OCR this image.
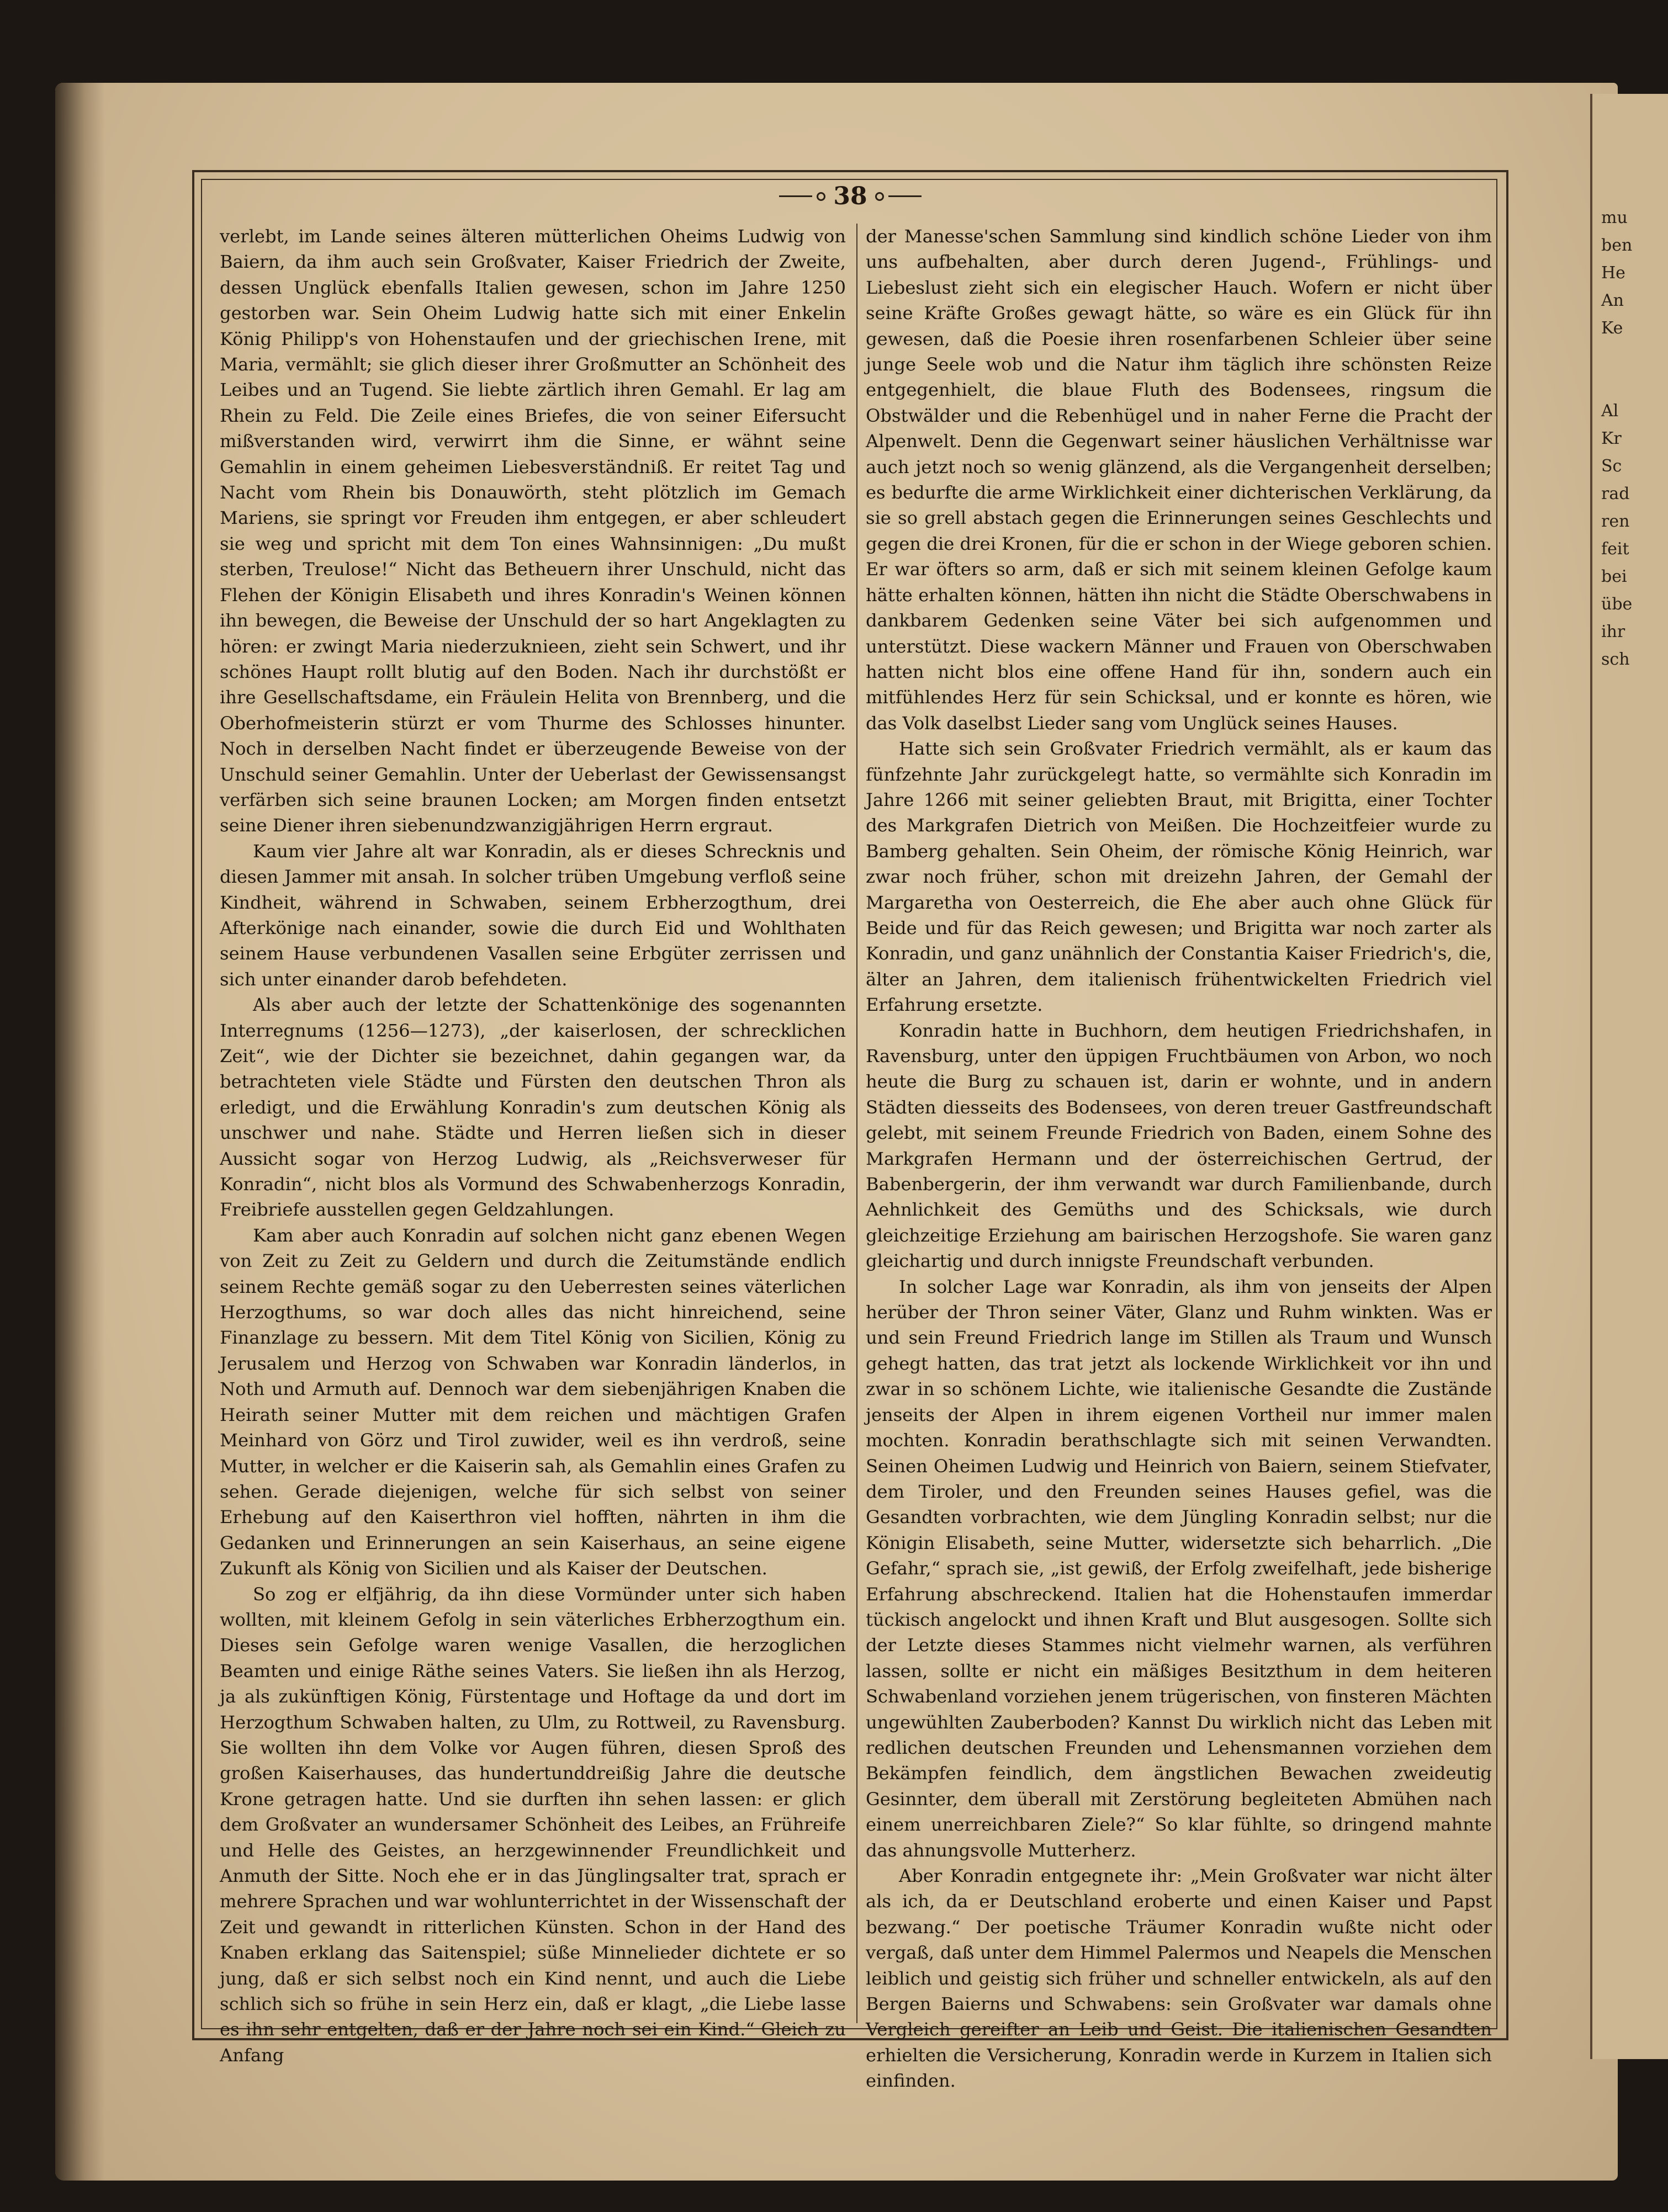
mu
ben
He
An
Ke
Al
Kr
Sc
rad
ren
feit
bei
übe
ihr
sch
38

verlebt, im Lande seines älteren mütterlichen Oheims Ludwig von Baiern, da ihm auch sein Großvater, Kaiser Friedrich der Zweite, dessen Unglück ebenfalls Italien gewesen, schon im Jahre 1250 gestorben war. Sein Oheim Ludwig hatte sich mit einer Enkelin König Philipp's von Hohenstaufen und der griechischen Irene, mit Maria, vermählt; sie glich dieser ihrer Großmutter an Schönheit des Leibes und an Tugend. Sie liebte zärtlich ihren Gemahl. Er lag am Rhein zu Feld. Die Zeile eines Briefes, die von seiner Eifersucht mißverstanden wird, verwirrt ihm die Sinne, er wähnt seine Gemahlin in einem geheimen Liebesverständniß. Er reitet Tag und Nacht vom Rhein bis Donauwörth, steht plötzlich im Gemach Mariens, sie springt vor Freuden ihm entgegen, er aber schleudert sie weg und spricht mit dem Ton eines Wahnsinnigen: „Du mußt sterben, Treulose!“ Nicht das Betheuern ihrer Unschuld, nicht das Flehen der Königin Elisabeth und ihres Konradin's Weinen können ihn bewegen, die Beweise der Unschuld der so hart Angeklagten zu hören: er zwingt Maria niederzuknieen, zieht sein Schwert, und ihr schönes Haupt rollt blutig auf den Boden. Nach ihr durchstößt er ihre Gesellschaftsdame, ein Fräulein Helita von Brennberg, und die Oberhofmeisterin stürzt er vom Thurme des Schlosses hinunter. Noch in derselben Nacht findet er überzeugende Beweise von der Unschuld seiner Gemahlin. Unter der Ueberlast der Gewissensangst verfärben sich seine braunen Locken; am Morgen finden entsetzt seine Diener ihren siebenundzwanzigjährigen Herrn ergraut.

Kaum vier Jahre alt war Konradin, als er dieses Schrecknis und diesen Jammer mit ansah. In solcher trüben Umgebung verfloß seine Kindheit, während in Schwaben, seinem Erbherzogthum, drei Afterkönige nach einander, sowie die durch Eid und Wohlthaten seinem Hause verbundenen Vasallen seine Erbgüter zerrissen und sich unter einander darob befehdeten.

Als aber auch der letzte der Schattenkönige des sogenannten Interregnums (1256—1273), „der kaiserlosen, der schrecklichen Zeit“, wie der Dichter sie bezeichnet, dahin gegangen war, da betrachteten viele Städte und Fürsten den deutschen Thron als erledigt, und die Erwählung Konradin's zum deutschen König als unschwer und nahe. Städte und Herren ließen sich in dieser Aussicht sogar von Herzog Ludwig, als „Reichsverweser für Konradin“, nicht blos als Vormund des Schwabenherzogs Konradin, Freibriefe ausstellen gegen Geldzahlungen.

Kam aber auch Konradin auf solchen nicht ganz ebenen Wegen von Zeit zu Zeit zu Geldern und durch die Zeitumstände endlich seinem Rechte gemäß sogar zu den Ueberresten seines väterlichen Herzogthums, so war doch alles das nicht hinreichend, seine Finanzlage zu bessern. Mit dem Titel König von Sicilien, König zu Jerusalem und Herzog von Schwaben war Konradin länderlos, in Noth und Armuth auf. Dennoch war dem siebenjährigen Knaben die Heirath seiner Mutter mit dem reichen und mächtigen Grafen Meinhard von Görz und Tirol zuwider, weil es ihn verdroß, seine Mutter, in welcher er die Kaiserin sah, als Gemahlin eines Grafen zu sehen. Gerade diejenigen, welche für sich selbst von seiner Erhebung auf den Kaiserthron viel hofften, nährten in ihm die Gedanken und Erinnerungen an sein Kaiserhaus, an seine eigene Zukunft als König von Sicilien und als Kaiser der Deutschen.

So zog er elfjährig, da ihn diese Vormünder unter sich haben wollten, mit kleinem Gefolg in sein väterliches Erbherzogthum ein. Dieses sein Gefolge waren wenige Vasallen, die herzoglichen Beamten und einige Räthe seines Vaters. Sie ließen ihn als Herzog, ja als zukünftigen König, Fürstentage und Hoftage da und dort im Herzogthum Schwaben halten, zu Ulm, zu Rottweil, zu Ravensburg. Sie wollten ihn dem Volke vor Augen führen, diesen Sproß des großen Kaiserhauses, das hundertunddreißig Jahre die deutsche Krone getragen hatte. Und sie durften ihn sehen lassen: er glich dem Großvater an wundersamer Schönheit des Leibes, an Frühreife und Helle des Geistes, an herzgewinnender Freundlichkeit und Anmuth der Sitte. Noch ehe er in das Jünglingsalter trat, sprach er mehrere Sprachen und war wohlunterrichtet in der Wissenschaft der Zeit und gewandt in ritterlichen Künsten. Schon in der Hand des Knaben erklang das Saitenspiel; süße Minnelieder dichtete er so jung, daß er sich selbst noch ein Kind nennt, und auch die Liebe schlich sich so frühe in sein Herz ein, daß er klagt, „die Liebe lasse es ihn sehr entgelten, daß er der Jahre noch sei ein Kind.“ Gleich zu Anfang

der Manesse'schen Sammlung sind kindlich schöne Lieder von ihm uns aufbehalten, aber durch deren Jugend-, Frühlings- und Liebeslust zieht sich ein elegischer Hauch. Wofern er nicht über seine Kräfte Großes gewagt hätte, so wäre es ein Glück für ihn gewesen, daß die Poesie ihren rosenfarbenen Schleier über seine junge Seele wob und die Natur ihm täglich ihre schönsten Reize entgegenhielt, die blaue Fluth des Bodensees, ringsum die Obstwälder und die Rebenhügel und in naher Ferne die Pracht der Alpenwelt. Denn die Gegenwart seiner häuslichen Verhältnisse war auch jetzt noch so wenig glänzend, als die Vergangenheit derselben; es bedurfte die arme Wirklichkeit einer dichterischen Verklärung, da sie so grell abstach gegen die Erinnerungen seines Geschlechts und gegen die drei Kronen, für die er schon in der Wiege geboren schien. Er war öfters so arm, daß er sich mit seinem kleinen Gefolge kaum hätte erhalten können, hätten ihn nicht die Städte Oberschwabens in dankbarem Gedenken seine Väter bei sich aufgenommen und unterstützt. Diese wackern Männer und Frauen von Oberschwaben hatten nicht blos eine offene Hand für ihn, sondern auch ein mitfühlendes Herz für sein Schicksal, und er konnte es hören, wie das Volk daselbst Lieder sang vom Unglück seines Hauses.

Hatte sich sein Großvater Friedrich vermählt, als er kaum das fünfzehnte Jahr zurückgelegt hatte, so vermählte sich Konradin im Jahre 1266 mit seiner geliebten Braut, mit Brigitta, einer Tochter des Markgrafen Dietrich von Meißen. Die Hochzeitfeier wurde zu Bamberg gehalten. Sein Oheim, der römische König Heinrich, war zwar noch früher, schon mit dreizehn Jahren, der Gemahl der Margaretha von Oesterreich, die Ehe aber auch ohne Glück für Beide und für das Reich gewesen; und Brigitta war noch zarter als Konradin, und ganz unähnlich der Constantia Kaiser Friedrich's, die, älter an Jahren, dem italienisch frühentwickelten Friedrich viel Erfahrung ersetzte.

Konradin hatte in Buchhorn, dem heutigen Friedrichshafen, in Ravensburg, unter den üppigen Fruchtbäumen von Arbon, wo noch heute die Burg zu schauen ist, darin er wohnte, und in andern Städten diesseits des Bodensees, von deren treuer Gastfreundschaft gelebt, mit seinem Freunde Friedrich von Baden, einem Sohne des Markgrafen Hermann und der österreichischen Gertrud, der Babenbergerin, der ihm verwandt war durch Familienbande, durch Aehnlichkeit des Gemüths und des Schicksals, wie durch gleichzeitige Erziehung am bairischen Herzogshofe. Sie waren ganz gleichartig und durch innigste Freundschaft verbunden.

In solcher Lage war Konradin, als ihm von jenseits der Alpen herüber der Thron seiner Väter, Glanz und Ruhm winkten. Was er und sein Freund Friedrich lange im Stillen als Traum und Wunsch gehegt hatten, das trat jetzt als lockende Wirklichkeit vor ihn und zwar in so schönem Lichte, wie italienische Gesandte die Zustände jenseits der Alpen in ihrem eigenen Vortheil nur immer malen mochten. Konradin berathschlagte sich mit seinen Verwandten. Seinen Oheimen Ludwig und Heinrich von Baiern, seinem Stiefvater, dem Tiroler, und den Freunden seines Hauses gefiel, was die Gesandten vorbrachten, wie dem Jüngling Konradin selbst; nur die Königin Elisabeth, seine Mutter, widersetzte sich beharrlich. „Die Gefahr,“ sprach sie, „ist gewiß, der Erfolg zweifelhaft, jede bisherige Erfahrung abschreckend. Italien hat die Hohenstaufen immerdar tückisch angelockt und ihnen Kraft und Blut ausgesogen. Sollte sich der Letzte dieses Stammes nicht vielmehr warnen, als verführen lassen, sollte er nicht ein mäßiges Besitzthum in dem heiteren Schwabenland vorziehen jenem trügerischen, von finsteren Mächten ungewühlten Zauberboden? Kannst Du wirklich nicht das Leben mit redlichen deutschen Freunden und Lehensmannen vorziehen dem Bekämpfen feindlich, dem ängstlichen Bewachen zweideutig Gesinnter, dem überall mit Zerstörung begleiteten Abmühen nach einem unerreichbaren Ziele?“ So klar fühlte, so dringend mahnte das ahnungsvolle Mutterherz.

Aber Konradin entgegnete ihr: „Mein Großvater war nicht älter als ich, da er Deutschland eroberte und einen Kaiser und Papst bezwang.“ Der poetische Träumer Konradin wußte nicht oder vergaß, daß unter dem Himmel Palermos und Neapels die Menschen leiblich und geistig sich früher und schneller entwickeln, als auf den Bergen Baierns und Schwabens: sein Großvater war damals ohne Vergleich gereifter an Leib und Geist. Die italienischen Gesandten erhielten die Versicherung, Konradin werde in Kurzem in Italien sich einfinden.
